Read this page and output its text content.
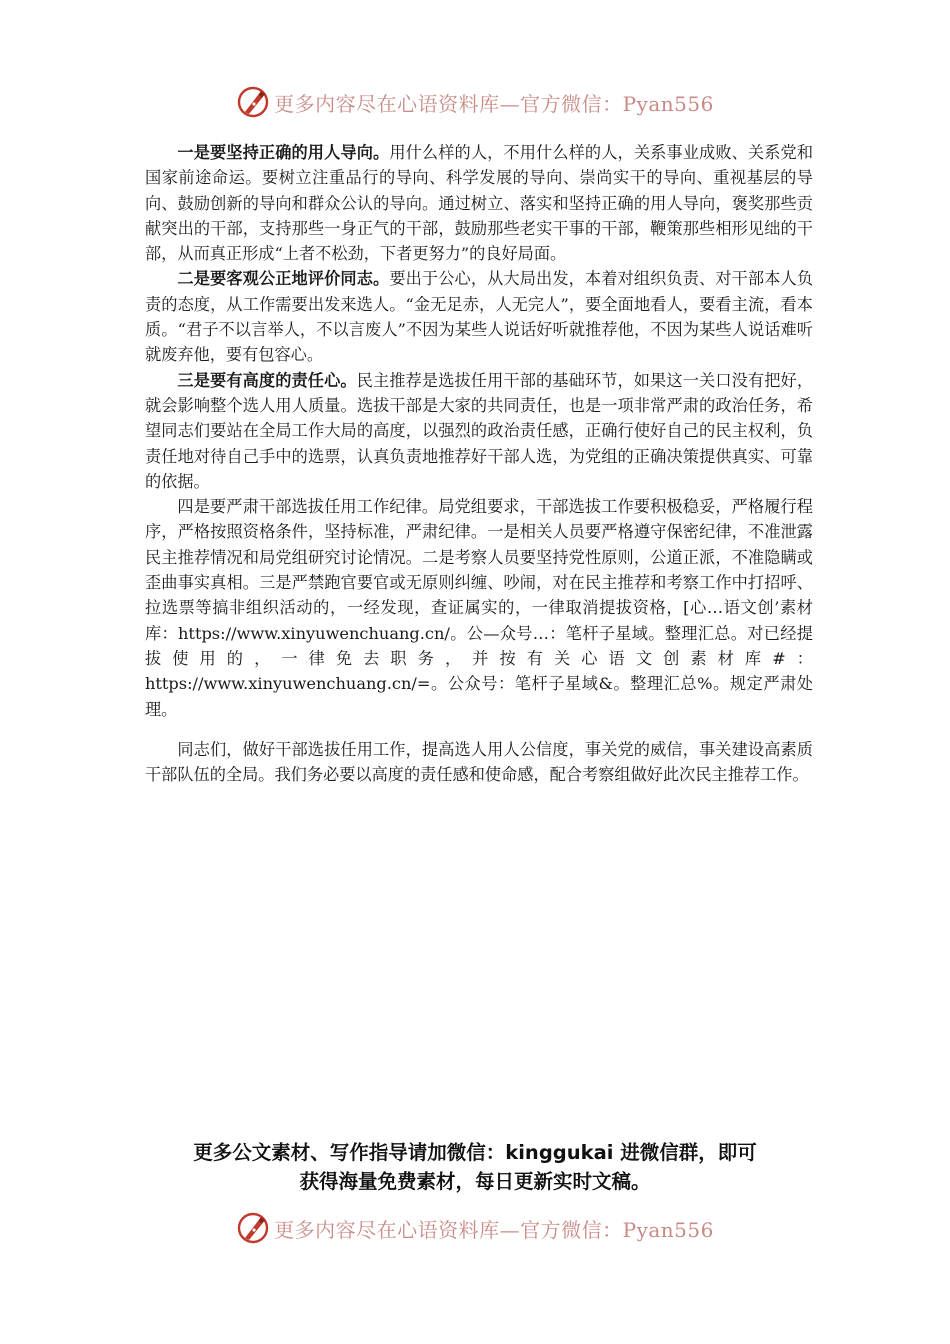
更多内容尽在心语资料库—官方微信：Pyan556

一是要坚持正确的用人导向。用什么样的人，不用什么样的人，关系事业成败、关系党和国家前途命运。要树立注重品行的导向、科学发展的导向、崇尚实干的导向、重视基层的导向、鼓励创新的导向和群众公认的导向。通过树立、落实和坚持正确的用人导向，褒奖那些贡献突出的干部，支持那些一身正气的干部，鼓励那些老实干事的干部，鞭策那些相形见绌的干部，从而真正形成“上者不松劲，下者更努力”的良好局面。

二是要客观公正地评价同志。要出于公心，从大局出发，本着对组织负责、对干部本人负责的态度，从工作需要出发来选人。“金无足赤，人无完人”，要全面地看人，要看主流，看本质。“君子不以言举人，不以言废人”不因为某些人说话好听就推荐他，不因为某些人说话难听就废弃他，要有包容心。

三是要有高度的责任心。民主推荐是选拔任用干部的基础环节，如果这一关口没有把好，就会影响整个选人用人质量。选拔干部是大家的共同责任，也是一项非常严肃的政治任务，希望同志们要站在全局工作大局的高度，以强烈的政治责任感，正确行使好自己的民主权利，负责任地对待自己手中的选票，认真负责地推荐好干部人选，为党组的正确决策提供真实、可靠的依据。

四是要严肃干部选拔任用工作纪律。局党组要求，干部选拔工作要积极稳妥，严格履行程序，严格按照资格条件，坚持标准，严肃纪律。一是相关人员要严格遵守保密纪律，不准泄露民主推荐情况和局党组研究讨论情况。二是考察人员要坚持党性原则，公道正派，不准隐瞒或歪曲事实真相。三是严禁跑官要官或无原则纠缠、吵闹，对在民主推荐和考察工作中打招呼、拉选票等搞非组织活动的，一经发现，查证属实的，一律取消提拔资格，[心…语文创’素材库：https://www.xinyuwenchuang.cn/。公—众号…：笔杆子星域。整理汇总。对已经提拔使用的，一律免去职务，并按有关心语文创素材库#：https://www.xinyuwenchuang.cn/=。公众号：笔杆子星域&。整理汇总%。规定严肃处理。

同志们，做好干部选拔任用工作，提高选人用人公信度，事关党的威信，事关建设高素质干部队伍的全局。我们务必要以高度的责任感和使命感，配合考察组做好此次民主推荐工作。

更多公文素材、写作指导请加微信：kinggukai 进微信群，即可
获得海量免费素材，每日更新实时文稿。
更多内容尽在心语资料库—官方微信：Pyan556
